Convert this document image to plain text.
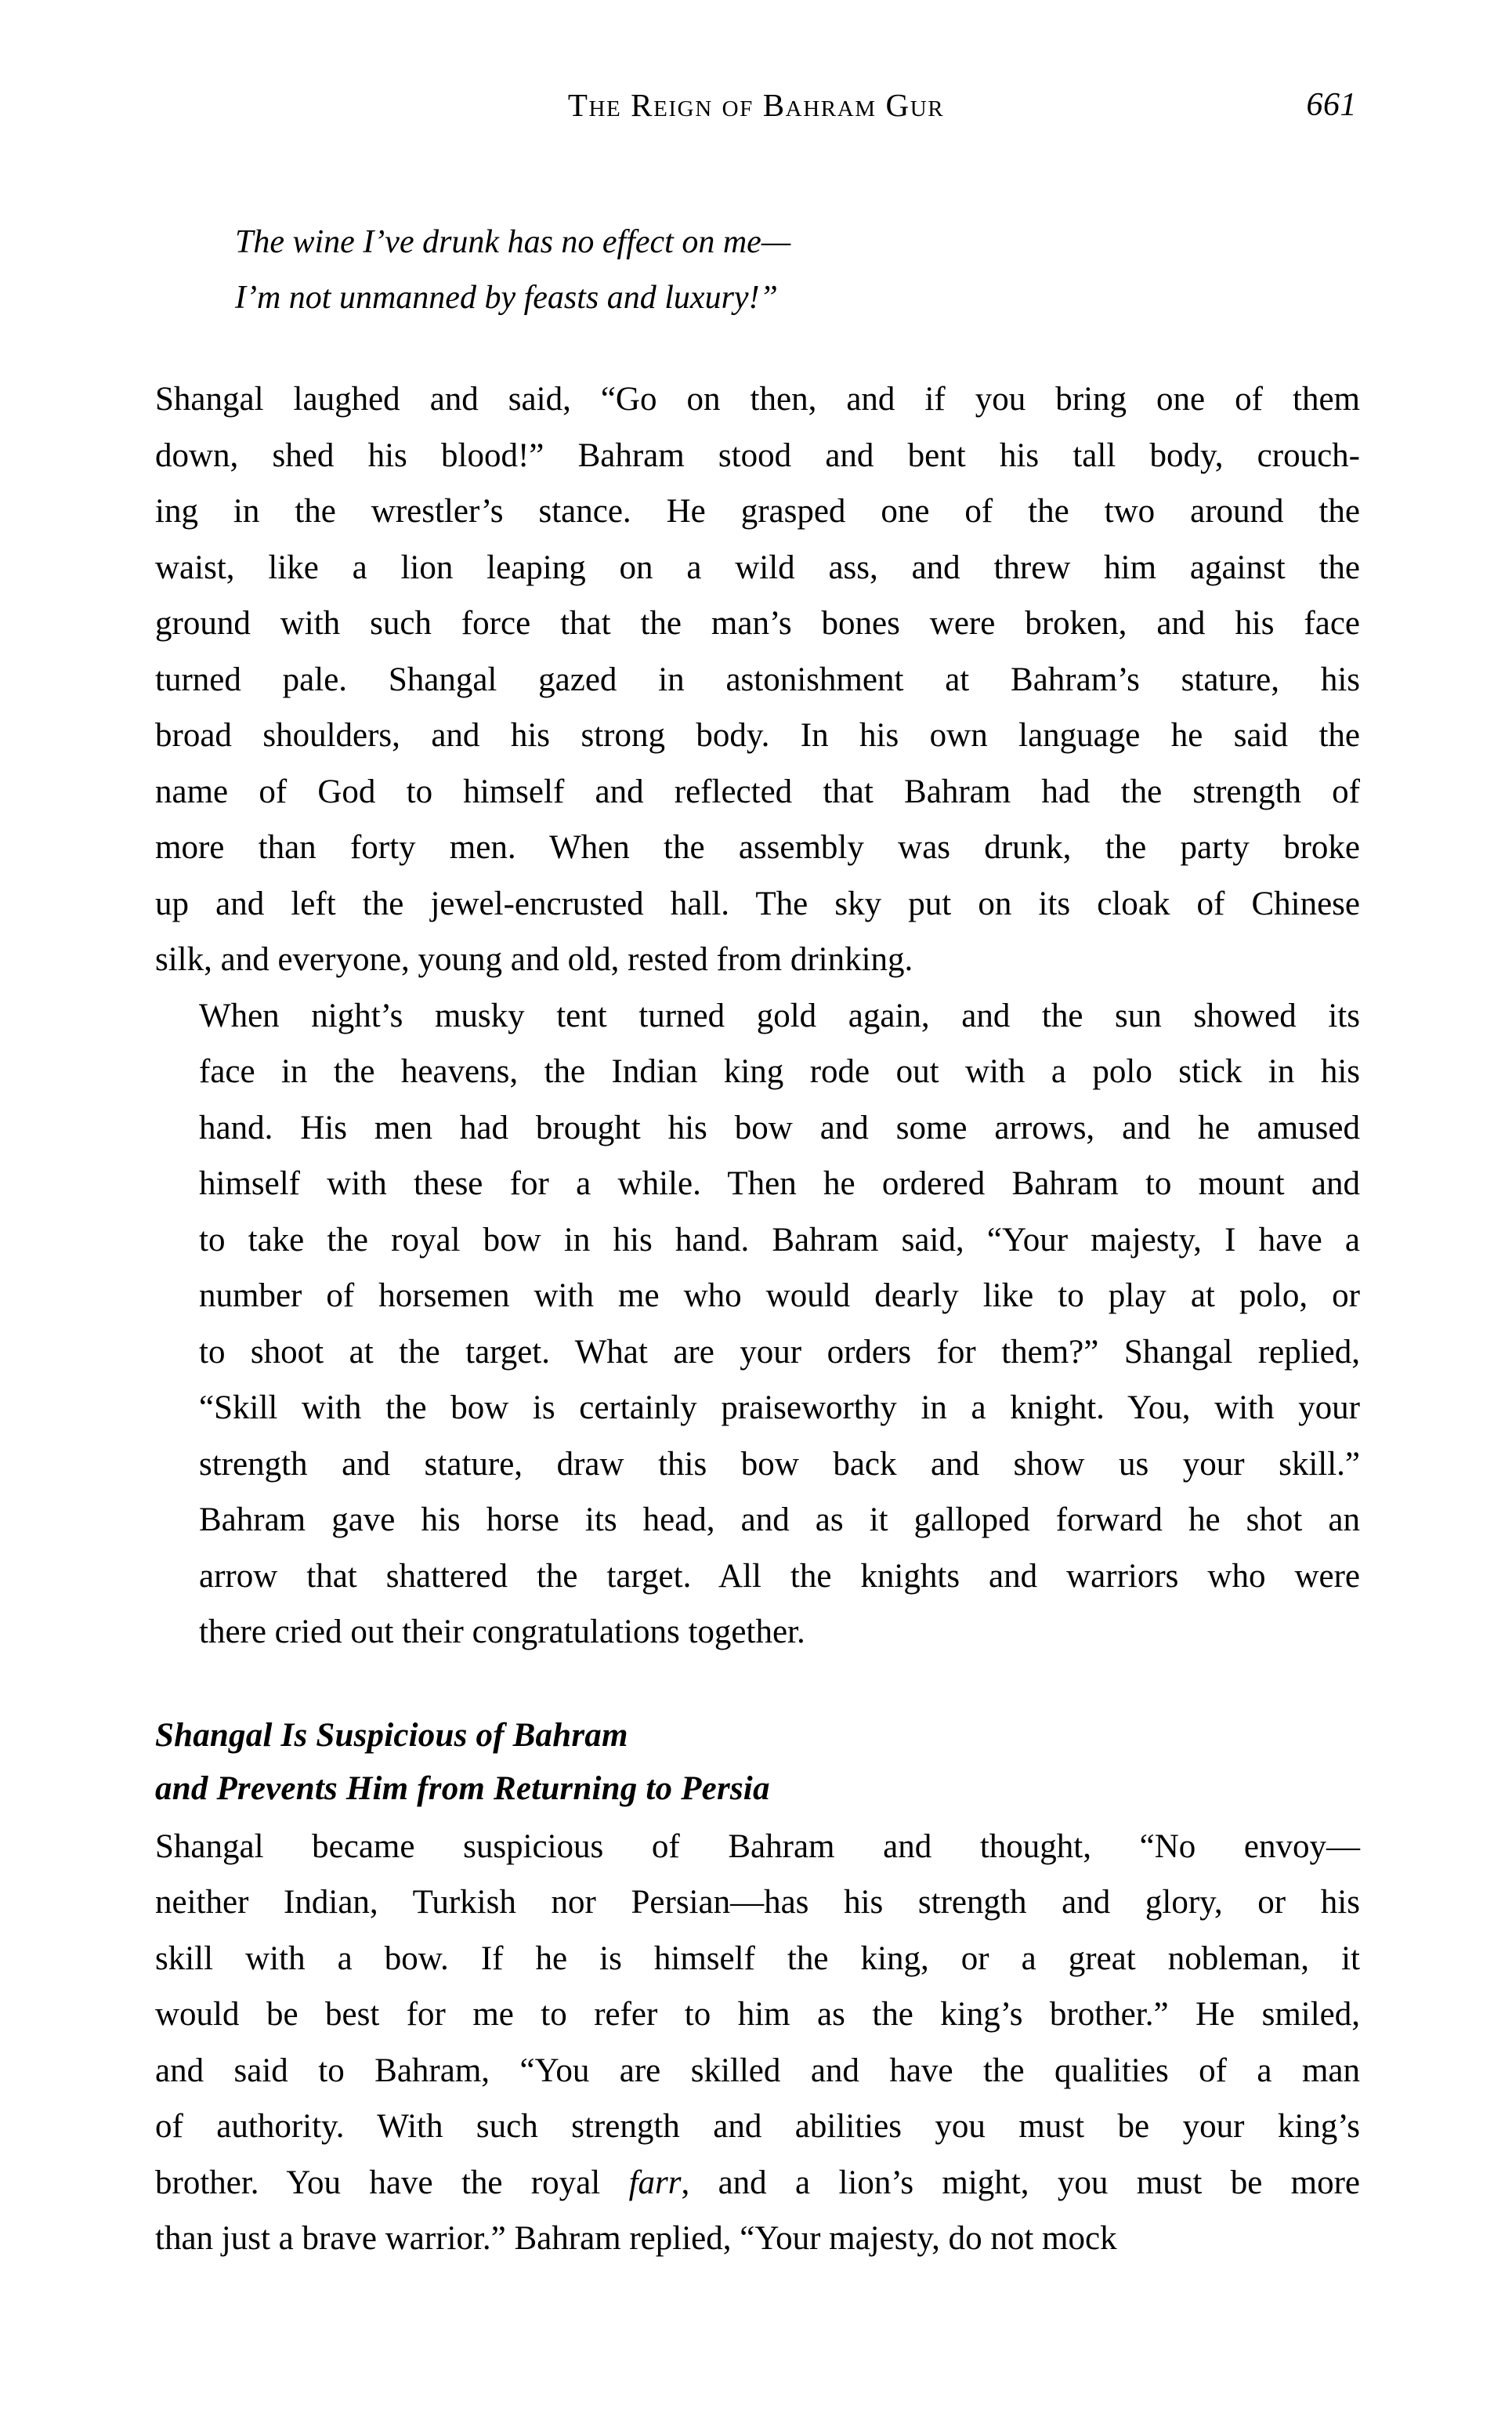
The Reign of Bahram Gur	661
The wine I’ve drunk has no effect on me—
I’m not unmanned by feasts and luxury!”

Shangal laughed and said, “Go on then, and if you bring one of them
down, shed his blood!” Bahram stood and bent his tall body, crouch-
ing in the wrestler’s stance. He grasped one of the two around the
waist, like a lion leaping on a wild ass, and threw him against the
ground with such force that the man’s bones were broken, and his face
turned pale. Shangal gazed in astonishment at Bahram’s stature, his
broad shoulders, and his strong body. In his own language he said the
name of God to himself and reflected that Bahram had the strength of
more than forty men. When the assembly was drunk, the party broke
up and left the jewel-encrusted hall. The sky put on its cloak of Chinese
silk, and everyone, young and old, rested from drinking.

When night’s musky tent turned gold again, and the sun showed its
face in the heavens, the Indian king rode out with a polo stick in his
hand. His men had brought his bow and some arrows, and he amused
himself with these for a while. Then he ordered Bahram to mount and
to take the royal bow in his hand. Bahram said, “Your majesty, I have a
number of horsemen with me who would dearly like to play at polo, or
to shoot at the target. What are your orders for them?” Shangal replied,
“Skill with the bow is certainly praiseworthy in a knight. You, with your
strength and stature, draw this bow back and show us your skill.”
Bahram gave his horse its head, and as it galloped forward he shot an
arrow that shattered the target. All the knights and warriors who were
there cried out their congratulations together.

Shangal Is Suspicious of Bahram
and Prevents Him from Returning to Persia

Shangal became suspicious of Bahram and thought, “No envoy—
neither Indian, Turkish nor Persian—has his strength and glory, or his
skill with a bow. If he is himself the king, or a great nobleman, it
would be best for me to refer to him as the king’s brother.” He smiled,
and said to Bahram, “You are skilled and have the qualities of a man
of authority. With such strength and abilities you must be your king’s
brother. You have the royal farr, and a lion’s might, you must be more
than just a brave warrior.” Bahram replied, “Your majesty, do not mock
